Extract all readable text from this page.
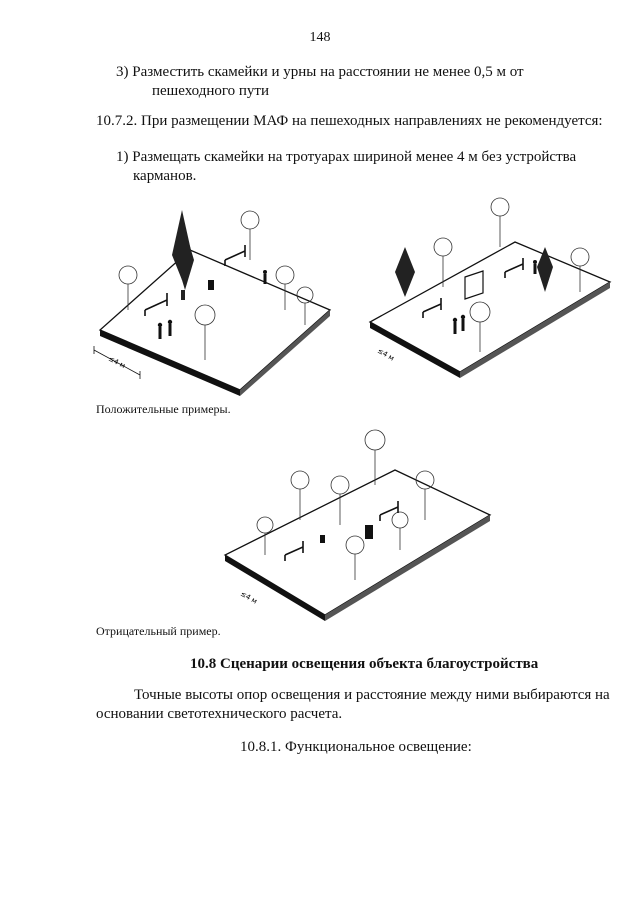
148
3) Разместить скамейки и урны на расстоянии не менее 0,5 м от
пешеходного пути
10.7.2. При размещении МАФ на пешеходных направлениях не рекомендуется:
1) Размещать скамейки на тротуарах шириной менее 4 м без устройства
карманов.
≤4 м	≤4 м
Положительные примеры.
≤4 м
Отрицательный пример.
10.8 Сценарии освещения объекта благоустройства
Точные высоты опор освещения и расстояние между ними выбираются на
основании светотехнического расчета.
10.8.1. Функциональное освещение:
